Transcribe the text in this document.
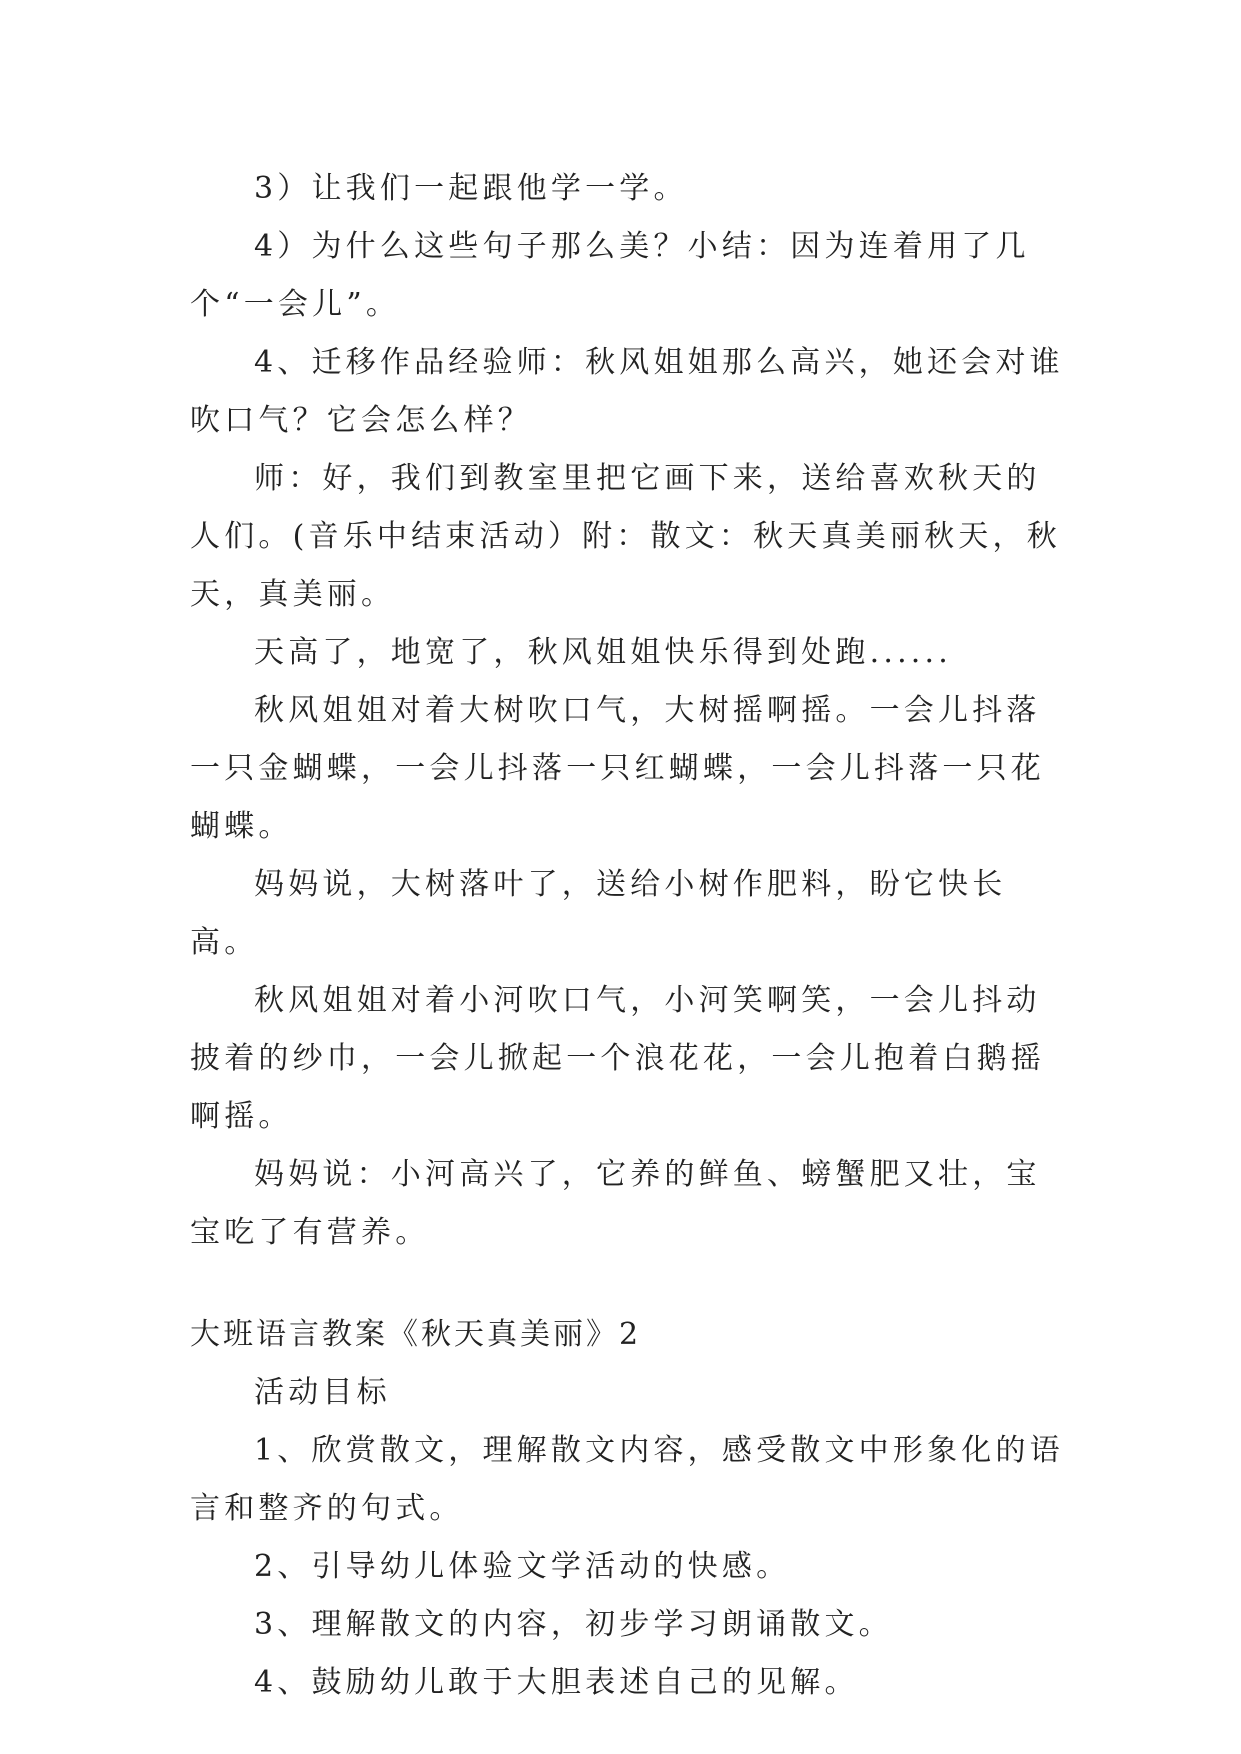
3）让我们一起跟他学一学。

4）为什么这些句子那么美？小结：因为连着用了几个“一会儿”。

4、迁移作品经验师：秋风姐姐那么高兴，她还会对谁吹口气？它会怎么样？

师：好，我们到教室里把它画下来，送给喜欢秋天的人们。(音乐中结束活动）附：散文：秋天真美丽秋天，秋天，真美丽。

天高了，地宽了，秋风姐姐快乐得到处跑......

秋风姐姐对着大树吹口气，大树摇啊摇。一会儿抖落一只金蝴蝶，一会儿抖落一只红蝴蝶，一会儿抖落一只花蝴蝶。

妈妈说，大树落叶了，送给小树作肥料，盼它快长高。

秋风姐姐对着小河吹口气，小河笑啊笑，一会儿抖动披着的纱巾，一会儿掀起一个浪花花，一会儿抱着白鹅摇啊摇。

妈妈说：小河高兴了，它养的鲜鱼、螃蟹肥又壮，宝宝吃了有营养。

大班语言教案《秋天真美丽》2

活动目标

1、欣赏散文，理解散文内容，感受散文中形象化的语言和整齐的句式。

2、引导幼儿体验文学活动的快感。

3、理解散文的内容，初步学习朗诵散文。

4、鼓励幼儿敢于大胆表述自己的见解。
